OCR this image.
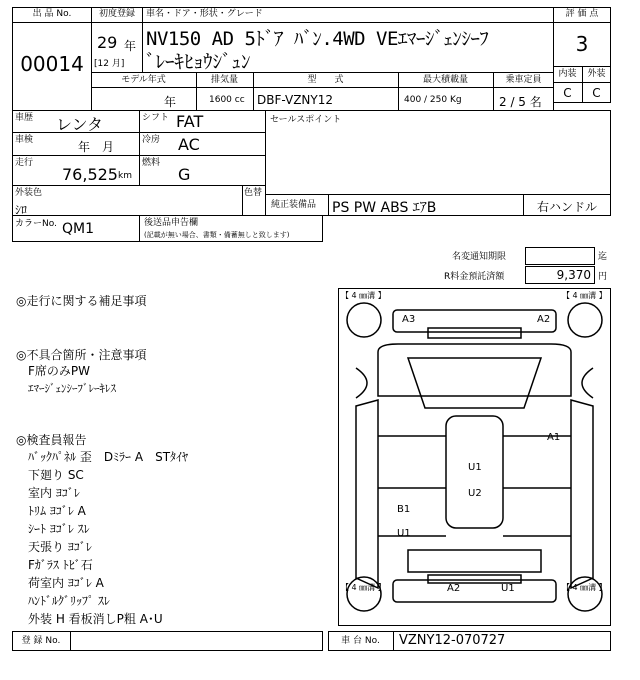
出 品 No.
00014
初度登録
29 年
[12 月]
車名・ドア・形状・グレード
NV150 AD 5ﾄﾞｱ ﾊﾞﾝ.4WD VEｴﾏｰｼﾞｪﾝｼｰﾌ
ﾞﾚｰｷﾋｮｳｼﾞｭﾝ
評 価 点
3
内装	外装
C	C
モデル年式	排気量	型　　式	最大積載量	乗車定員
年	1600 cc DBF-VZNY12	400 / 250 Kg	2 / 5 名
車歴 レンタ	シフト FAT
車検	年　月	冷房 AC
走行
76,525 km
燃料
G
外装色
ｼﾛ
色替
セールスポイント
純正装備品 PS PW ABS ｴｱB	右ハンドル
カラーNo. QM1	後送品申告欄
(記載が無い場合、書類・備蓄無しと致します)
名変通知期限	迄
R料金預託済額	9,370 円
◎走行に関する補足事項
◎不具合箇所・注意事項
F席のみPW
ｴﾏｰｼﾞｪﾝｼｰﾌﾞﾚｰｷﾚｽ
◎検査員報告
ﾊﾞｯｸﾊﾟﾈﾙ 歪　Dﾐﾗｰ A　STﾀｲﾔ
下廻り SC
室内 ﾖｺﾞﾚ
ﾄﾘﾑ ﾖｺﾞﾚ A
ｼｰﾄ ﾖｺﾞﾚ ｽﾚ
天張り ﾖｺﾞﾚ
Fｶﾞﾗｽ ﾄﾋﾞ石
荷室内 ﾖｺﾞﾚ A
ﾊﾝﾄﾞﾙｸﾞﾘｯﾌﾟ ｽﾚ
外装 H 看板消しP粗 A･U
【 4 ㎜溝 】	【 4 ㎜溝 】
【 4 ㎜溝 】	【 4 ㎜溝 】
A3	A2
A1
U1
U2
B1
U1
A2	U1
登 録 No.	車 台 No.	VZNY12-070727
